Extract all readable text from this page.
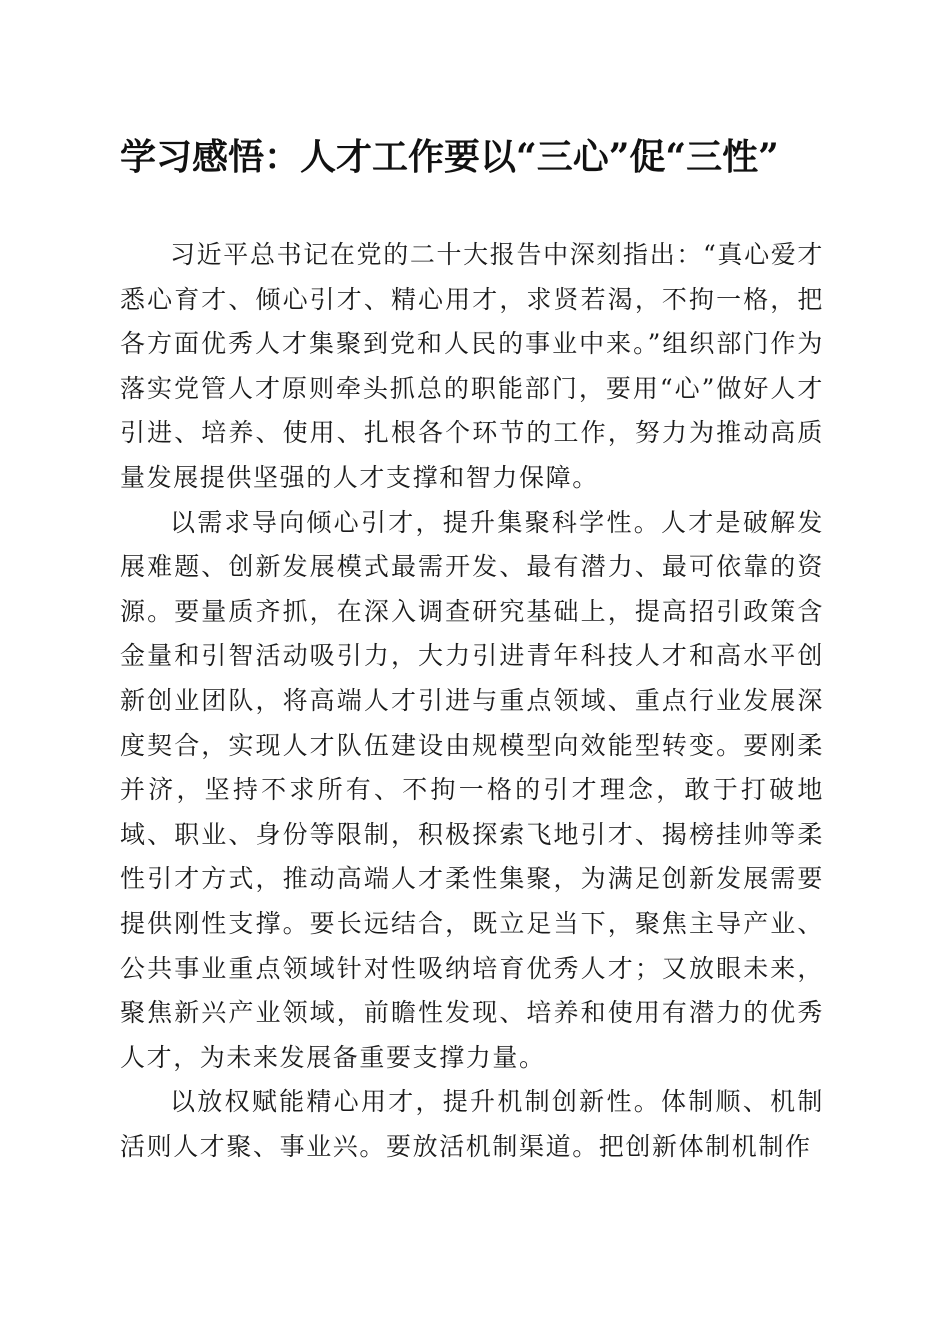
学习感悟：人才工作要以“三心”促“三性”

习近平总书记在党的二十大报告中深刻指出：“真心爱才悉心育才、倾心引才、精心用才，求贤若渴，不拘一格，把各方面优秀人才集聚到党和人民的事业中来。”组织部门作为落实党管人才原则牵头抓总的职能部门，要用“心”做好人才引进、培养、使用、扎根各个环节的工作，努力为推动高质量发展提供坚强的人才支撑和智力保障。

以需求导向倾心引才，提升集聚科学性。人才是破解发展难题、创新发展模式最需开发、最有潜力、最可依靠的资源。要量质齐抓，在深入调查研究基础上，提高招引政策含金量和引智活动吸引力，大力引进青年科技人才和高水平创新创业团队，将高端人才引进与重点领域、重点行业发展深度契合，实现人才队伍建设由规模型向效能型转变。要刚柔并济，坚持不求所有、不拘一格的引才理念，敢于打破地域、职业、身份等限制，积极探索飞地引才、揭榜挂帅等柔性引才方式，推动高端人才柔性集聚，为满足创新发展需要提供刚性支撑。要长远结合，既立足当下，聚焦主导产业、公共事业重点领域针对性吸纳培育优秀人才；又放眼未来，聚焦新兴产业领域，前瞻性发现、培养和使用有潜力的优秀人才，为未来发展备重要支撑力量。

以放权赋能精心用才，提升机制创新性。体制顺、机制活则人才聚、事业兴。要放活机制渠道。把创新体制机制作
